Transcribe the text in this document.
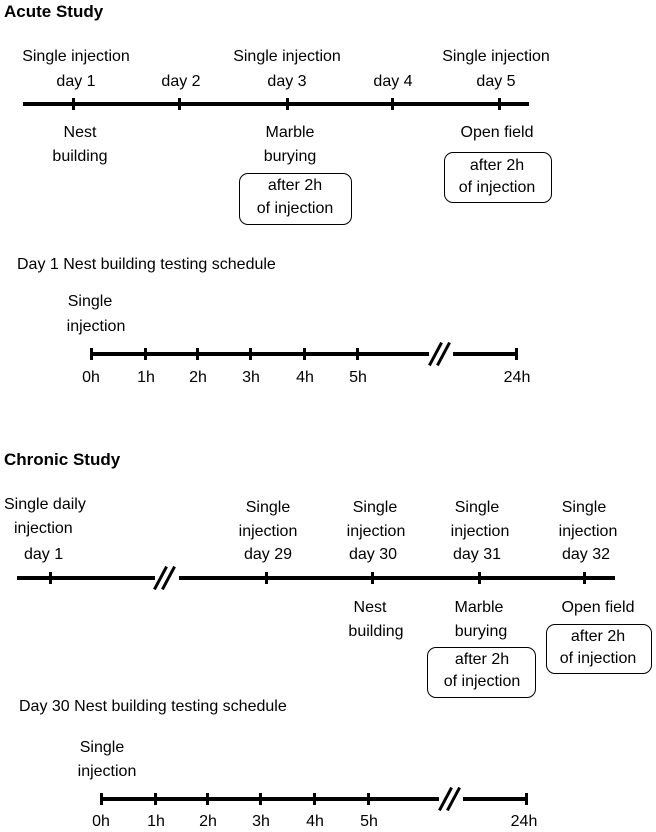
Acute Study
Single injection
day 1	day 2
Single injection
day 3	day 4
Single injection
day 5
Nest
building
Marble
burying
after 2h
of injection
Open field
after 2h
of injection
Day 1 Nest building testing schedule
Single
injection
0h 1h 2h 3h 4h 5h	24h
Chronic Study
Single daily
injection
day 1
Single
injection
day 29
Single
injection
day 30
Single
injection
day 31
Single
injection
day 32
Nest
building
Marble
burying
after 2h
of injection
Open field
after 2h
of injection
Day 30 Nest building testing schedule
Single
injection
0h 1h 2h 3h 4h 5h	24h
